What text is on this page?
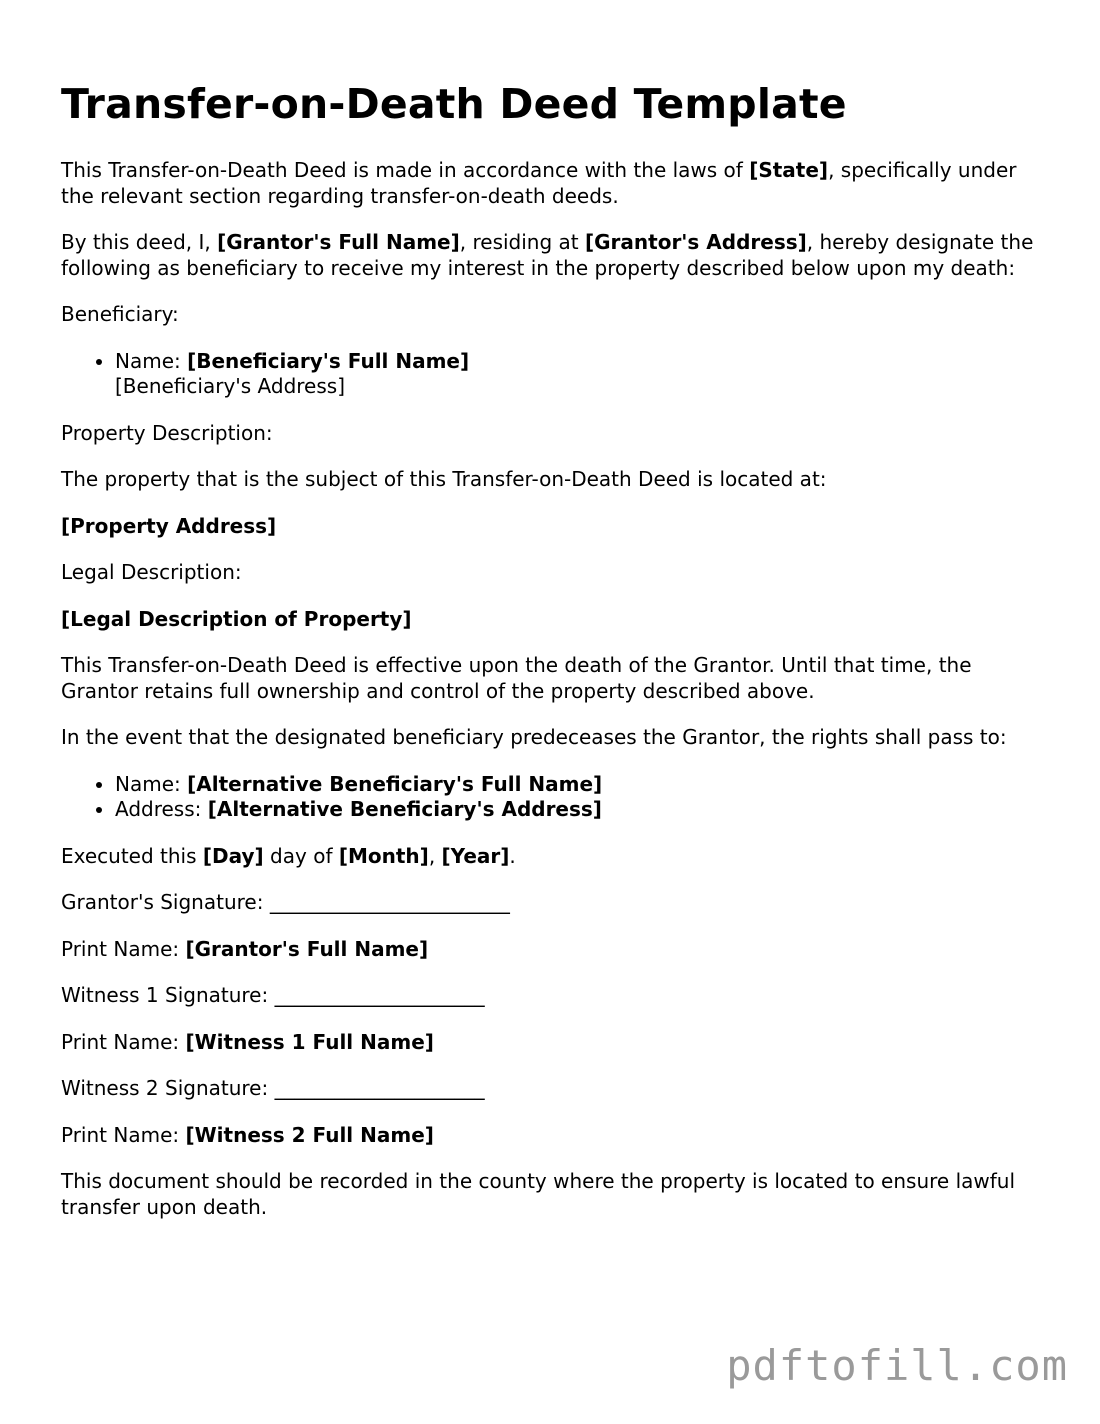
Transfer-on-Death Deed Template

This Transfer-on-Death Deed is made in accordance with the laws of [State], specifically under the relevant section regarding transfer-on-death deeds.

By this deed, I, [Grantor's Full Name], residing at [Grantor's Address], hereby designate the following as beneficiary to receive my interest in the property described below upon my death:

Beneficiary:

• Name: [Beneficiary's Full Name]
[Beneficiary's Address]

Property Description:

The property that is the subject of this Transfer-on-Death Deed is located at:

[Property Address]

Legal Description:

[Legal Description of Property]

This Transfer-on-Death Deed is effective upon the death of the Grantor. Until that time, the Grantor retains full ownership and control of the property described above.

In the event that the designated beneficiary predeceases the Grantor, the rights shall pass to:

• Name: [Alternative Beneficiary's Full Name]
• Address: [Alternative Beneficiary's Address]

Executed this [Day] day of [Month], [Year].

Grantor's Signature: ________________________

Print Name: [Grantor's Full Name]

Witness 1 Signature: _____________________

Print Name: [Witness 1 Full Name]

Witness 2 Signature: _____________________

Print Name: [Witness 2 Full Name]

This document should be recorded in the county where the property is located to ensure lawful transfer upon death.

pdftofill.com
